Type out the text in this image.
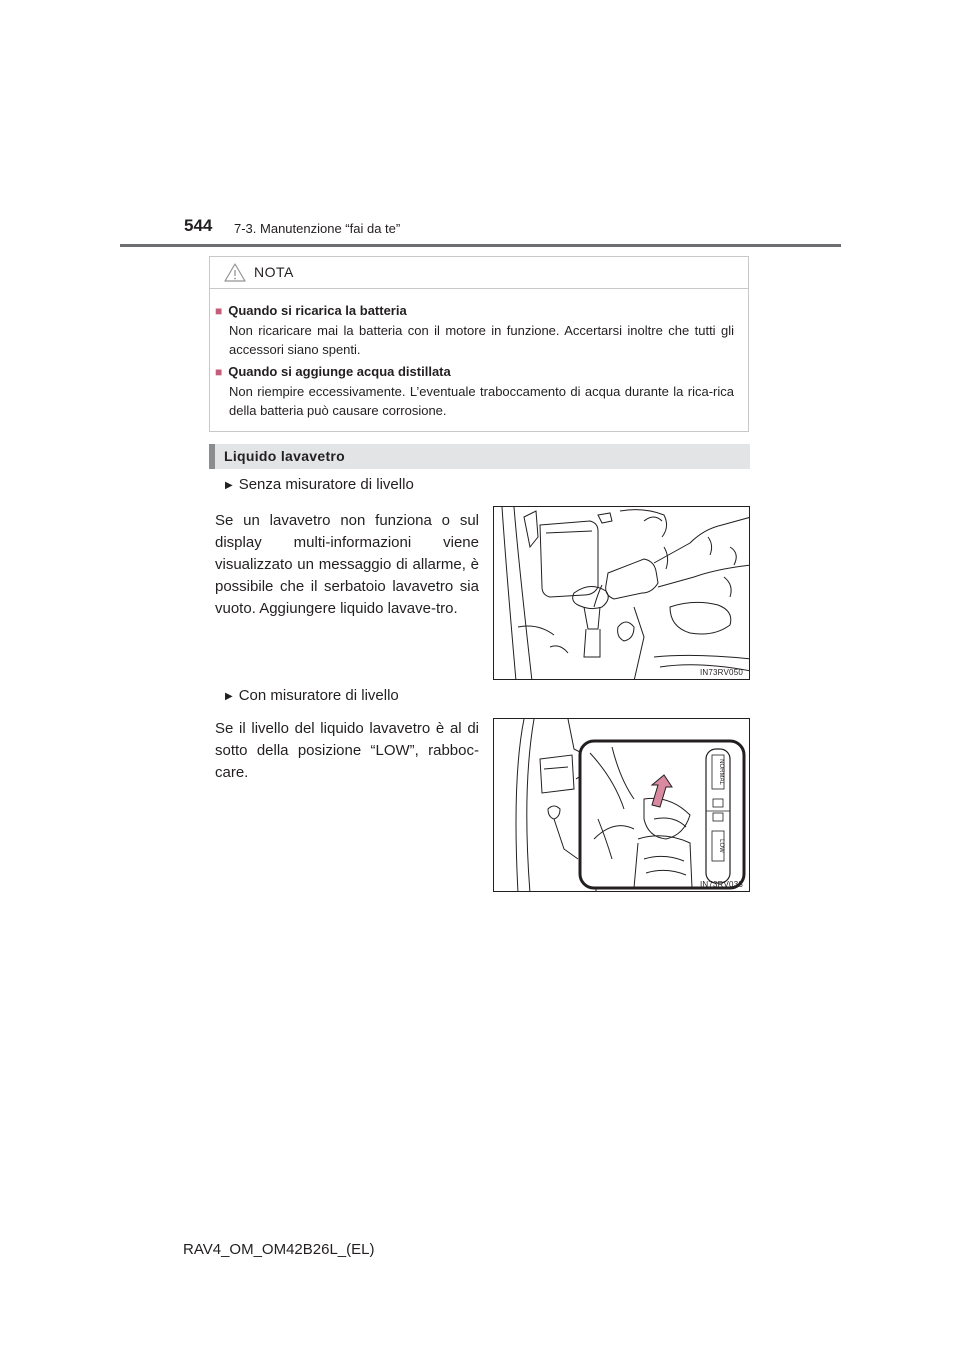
544 7-3. Manutenzione “fai da te”
NOTA
■ Quando si ricarica la batteria
Non ricaricare mai la batteria con il motore in funzione. Accertarsi inoltre che tutti gli accessori siano spenti.
■ Quando si aggiunge acqua distillata
Non riempire eccessivamente. L’eventuale traboccamento di acqua durante la rica-rica della batteria può causare corrosione.
Liquido lavavetro
▶ Senza misuratore di livello
Se un lavavetro non funziona o sul display multi-informazioni viene visualizzato un messaggio di allarme, è possibile che il serbatoio lavavetro sia vuoto. Aggiungere liquido lavave-tro.
IN73RV050
▶ Con misuratore di livello
Se il livello del liquido lavavetro è al di sotto della posizione “LOW”, rabboc-care.	NORMAL
LOW
IN73RV033
RAV4_OM_OM42B26L_(EL)
